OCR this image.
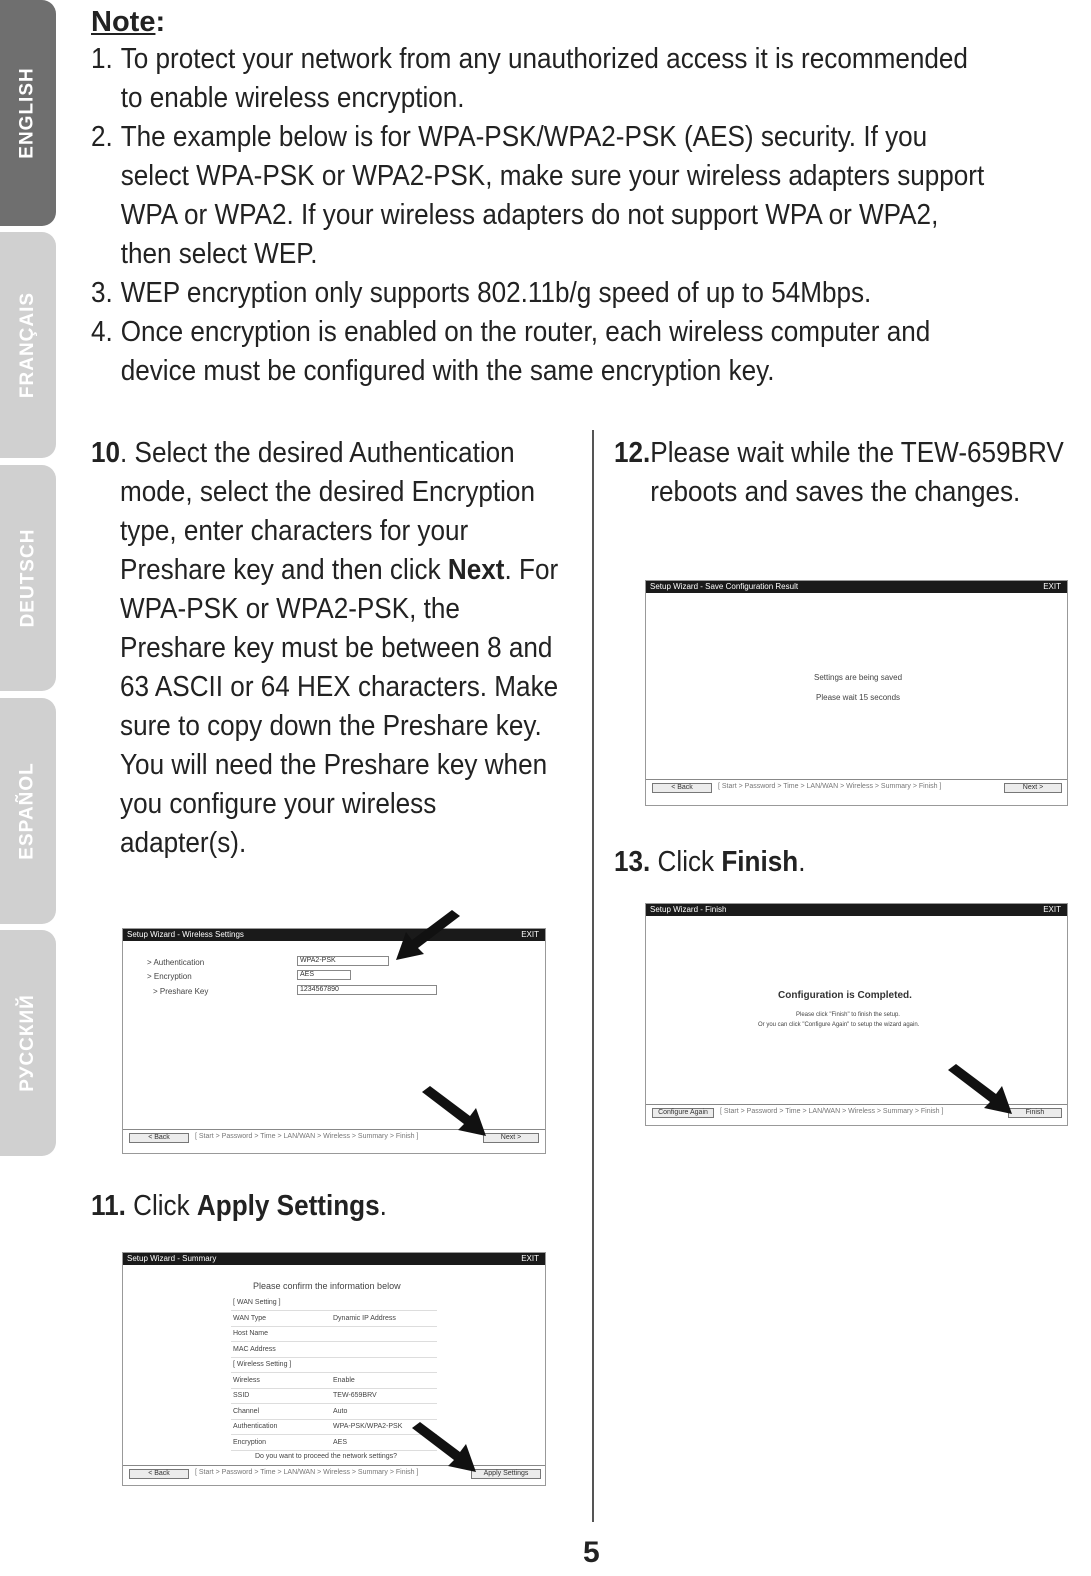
ENGLISH
FRANÇAIS
DEUTSCH
ESPAÑOL
РУССКИЙ
Note:
1. To protect your network from any unauthorized access it is recommended to enable wireless encryption.
2. The example below is for WPA-PSK/WPA2-PSK (AES) security. If you select WPA-PSK or WPA2-PSK, make sure your wireless adapters support WPA or WPA2. If your wireless adapters do not support WPA or WPA2, then select WEP.
3. WEP encryption only supports 802.11b/g speed of up to 54Mbps.
4. Once encryption is enabled on the router, each wireless computer and device must be configured with the same encryption key.
10 . Select the desired Authentication mode, select the desired Encryption type, enter characters for your Preshare key and then click Next. For WPA-PSK or WPA2-PSK, the Preshare key must be between 8 and 63 ASCII or 64 HEX characters. Make sure to copy down the Preshare key. You will need the Preshare key when you configure your wireless adapter(s).
Setup Wizard - Wireless Settings	EXIT
> Authentication	WPA2-PSK
> Encryption	AES
> Preshare Key	1234567890
< Back	[ Start > Password > Time > LAN/WAN > Wireless > Summary > Finish ]	Next >
11. Click Apply Settings.
Setup Wizard - Summary	EXIT
Please confirm the information below
[ WAN Setting ]	
WAN Type	Dynamic IP Address
Host Name	
MAC Address	
[ Wireless Setting ]	
Wireless	Enable
SSID	TEW-659BRV
Channel	Auto
Authentication	WPA-PSK/WPA2-PSK
Encryption	AES
Do you want to proceed the network settings?
< Back	[ Start > Password > Time > LAN/WAN > Wireless > Summary > Finish ]	Apply Settings
12. Please wait while the TEW-659BRV reboots and saves the changes.
Setup Wizard - Save Configuration Result	EXIT
Settings are being saved
Please wait 15 seconds
< Back	[ Start > Password > Time > LAN/WAN > Wireless > Summary > Finish ]	Next >
13. Click Finish.
Setup Wizard - Finish	EXIT
Configuration is Completed.
Please click "Finish" to finish the setup.
Or you can click "Configure Again" to setup the wizard again.
Configure Again	[ Start > Password > Time > LAN/WAN > Wireless > Summary > Finish ]	Finish
5
